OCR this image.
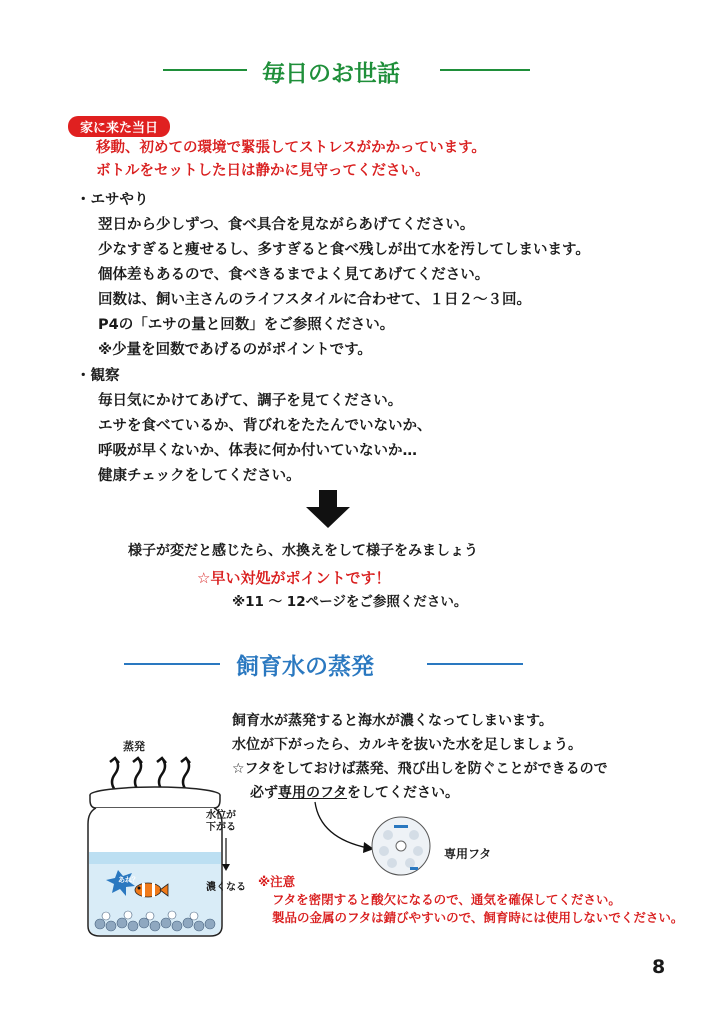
毎日のお世話
家に来た当日
移動、初めての環境で緊張してストレスがかかっています。
ボトルをセットした日は静かに見守ってください。
・エサやり
翌日から少しずつ、食べ具合を見ながらあげてください。
少なすぎると痩せるし、多すぎると食べ残しが出て水を汚してしまいます。
個体差もあるので、食べきるまでよく見てあげてください。
回数は、飼い主さんのライフスタイルに合わせて、１日２～３回。
P4の「エサの量と回数」をご参照ください。
※少量を回数であげるのがポイントです。
・観察
毎日気にかけてあげて、調子を見てください。
エサを食べているか、背びれをたたんでいないか、
呼吸が早くないか、体表に何か付いていないか…
健康チェックをしてください。
様子が変だと感じたら、水換えをして様子をみましょう
☆早い対処がポイントです！
※11 ～ 12ページをご参照ください。
飼育水の蒸発
飼育水が蒸発すると海水が濃くなってしまいます。
水位が下がったら、カルキを抜いた水を足しましょう。
☆フタをしておけば蒸発、飛び出しを防ぐことができるので
必ず専用のフタをしてください。
蒸発
あれ？
水位が
下がる
濃くなる
専用フタ
※注意
フタを密閉すると酸欠になるので、通気を確保してください。
製品の金属のフタは錆びやすいので、飼育時には使用しないでください。
8
